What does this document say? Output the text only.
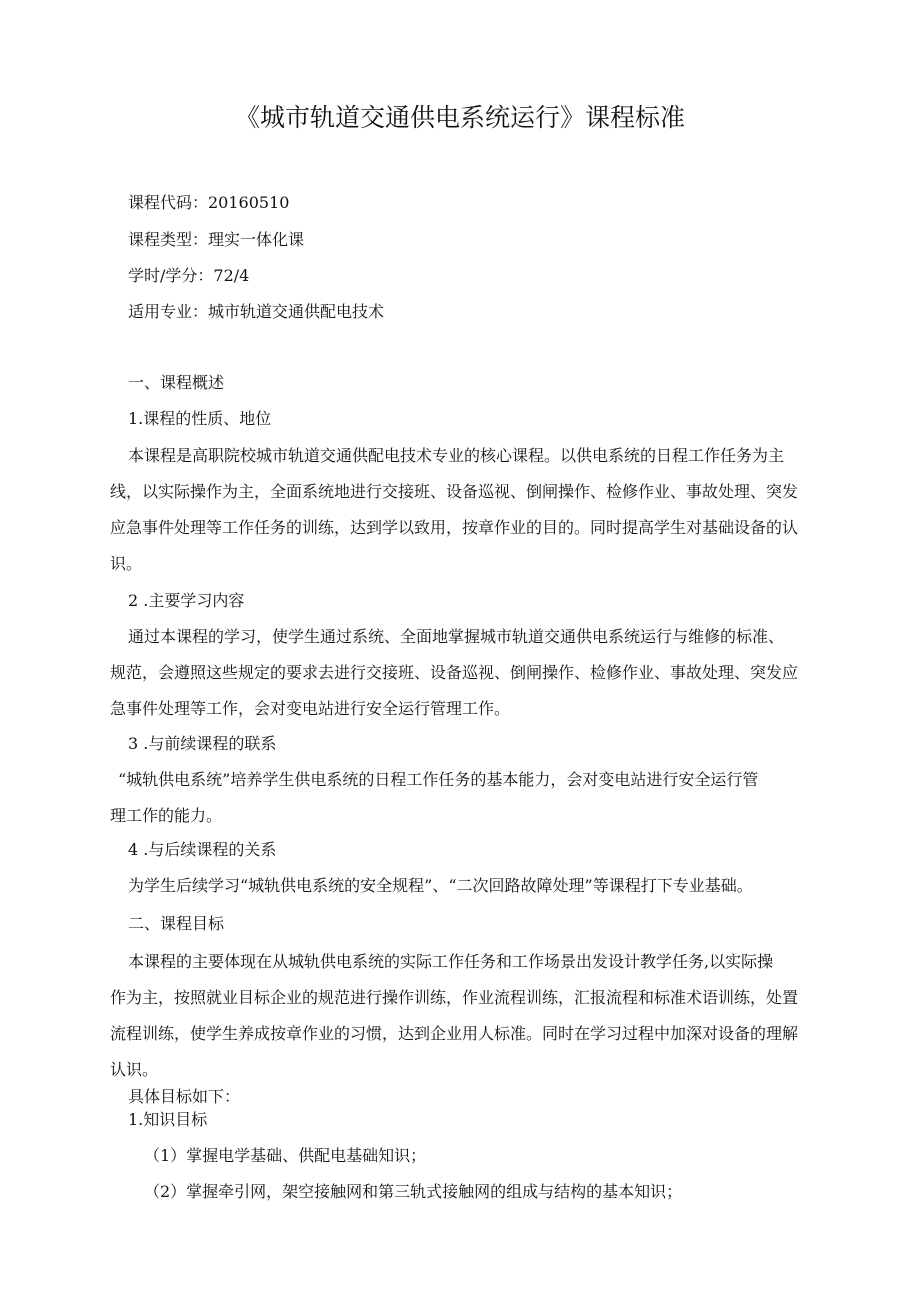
《城市轨道交通供电系统运行》课程标准
课程代码：20160510
课程类型：理实一体化课
学时/学分：72/4
适用专业：城市轨道交通供配电技术
一、课程概述
1.课程的性质、地位
本课程是高职院校城市轨道交通供配电技术专业的核心课程。以供电系统的日程工作任务为主
线，以实际操作为主，全面系统地进行交接班、设备巡视、倒闸操作、检修作业、事故处理、突发
应急事件处理等工作任务的训练，达到学以致用，按章作业的目的。同时提高学生对基础设备的认
识。
2 .主要学习内容
通过本课程的学习，使学生通过系统、全面地掌握城市轨道交通供电系统运行与维修的标准、
规范，会遵照这些规定的要求去进行交接班、设备巡视、倒闸操作、检修作业、事故处理、突发应
急事件处理等工作，会对变电站进行安全运行管理工作。
3 .与前续课程的联系
“城轨供电系统”培养学生供电系统的日程工作任务的基本能力，会对变电站进行安全运行管
理工作的能力。
4 .与后续课程的关系
为学生后续学习“城轨供电系统的安全规程”、“二次回路故障处理”等课程打下专业基础。
二、课程目标
本课程的主要体现在从城轨供电系统的实际工作任务和工作场景出发设计教学任务,以实际操
作为主，按照就业目标企业的规范进行操作训练，作业流程训练，汇报流程和标准术语训练，处置
流程训练，使学生养成按章作业的习惯，达到企业用人标准。同时在学习过程中加深对设备的理解
认识。
具体目标如下：
1.知识目标
（1）掌握电学基础、供配电基础知识；
（2）掌握牵引网，架空接触网和第三轨式接触网的组成与结构的基本知识；
